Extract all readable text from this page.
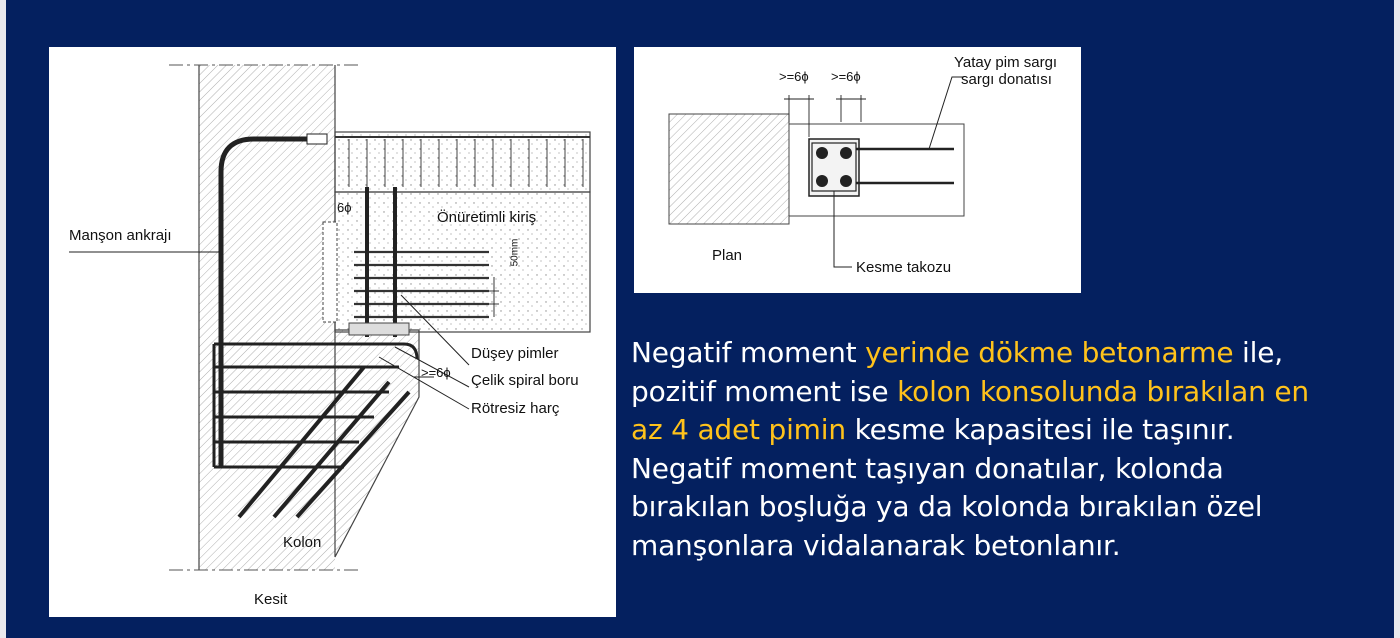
Manşon ankrajı
Önüretimli kiriş
Düşey pimler
Çelik spiral boru
Rötresiz harç
Kolon
Kesit
6ϕ
>=6ϕ
50mm
>=6ϕ >=6ϕ
Yatay pim sargı
sargı donatısı
Plan
Kesme takozu
Negatif moment yerinde dökme betonarme ile, pozitif moment ise kolon konsolunda bırakılan en az 4 adet pimin kesme kapasitesi ile taşınır. Negatif moment taşıyan donatılar, kolonda bırakılan boşluğa ya da kolonda bırakılan özel manşonlara vidalanarak betonlanır.
